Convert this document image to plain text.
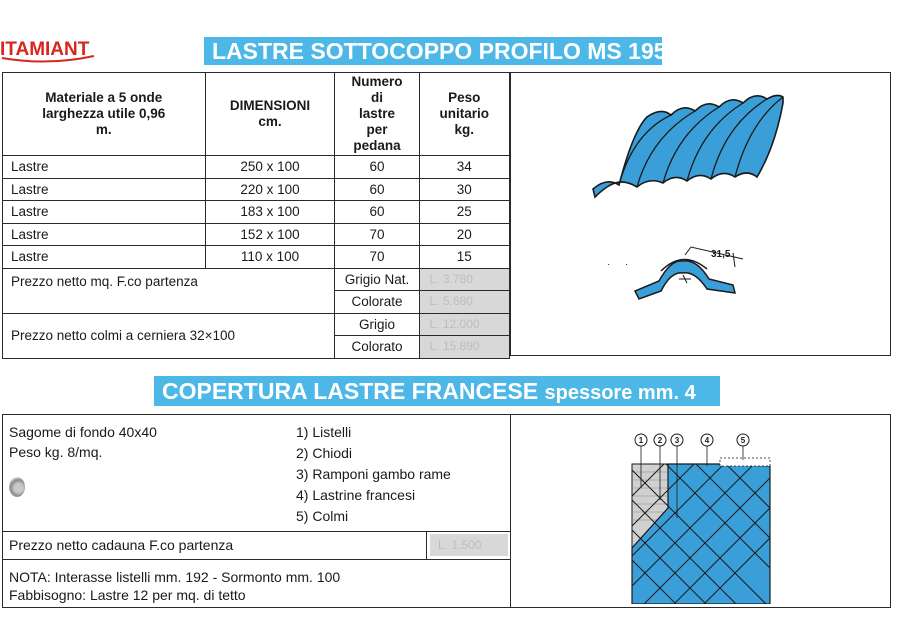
ITAMIANT	LASTRE SOTTOCOPPO PROFILO MS 195
Materiale a 5 onde larghezza utile 0,96 m.	DIMENSIONI cm.	Numero di lastre per pedana	Peso unitario kg.
Lastre	250 x 100	60	34
Lastre	220 x 100	60	30
Lastre	183 x 100	60	25
Lastre	152 x 100	70	20
Lastre	110 x 100	70	15
Prezzo netto mq. F.co partenza		Grigio Nat.	L. 3.780
		Colorate	L. 5.680
Prezzo netto colmi a cerniera 32×100		Grigio	L. 12.000
		Colorato	L. 15.890
31,5
· ·
COPERTURA LASTRE FRANCESE spessore mm. 4
Sagome di fondo 40x40
Peso kg. 8/mq.
1) Listelli
2) Chiodi
3) Ramponi gambo rame
4) Lastrine francesi
5) Colmi
Prezzo netto cadauna F.co partenza	L. 1.500
NOTA: Interasse listelli mm. 192 - Sormonto mm. 100
Fabbisogno: Lastre 12 per mq. di tetto
1 2 3	4	5
